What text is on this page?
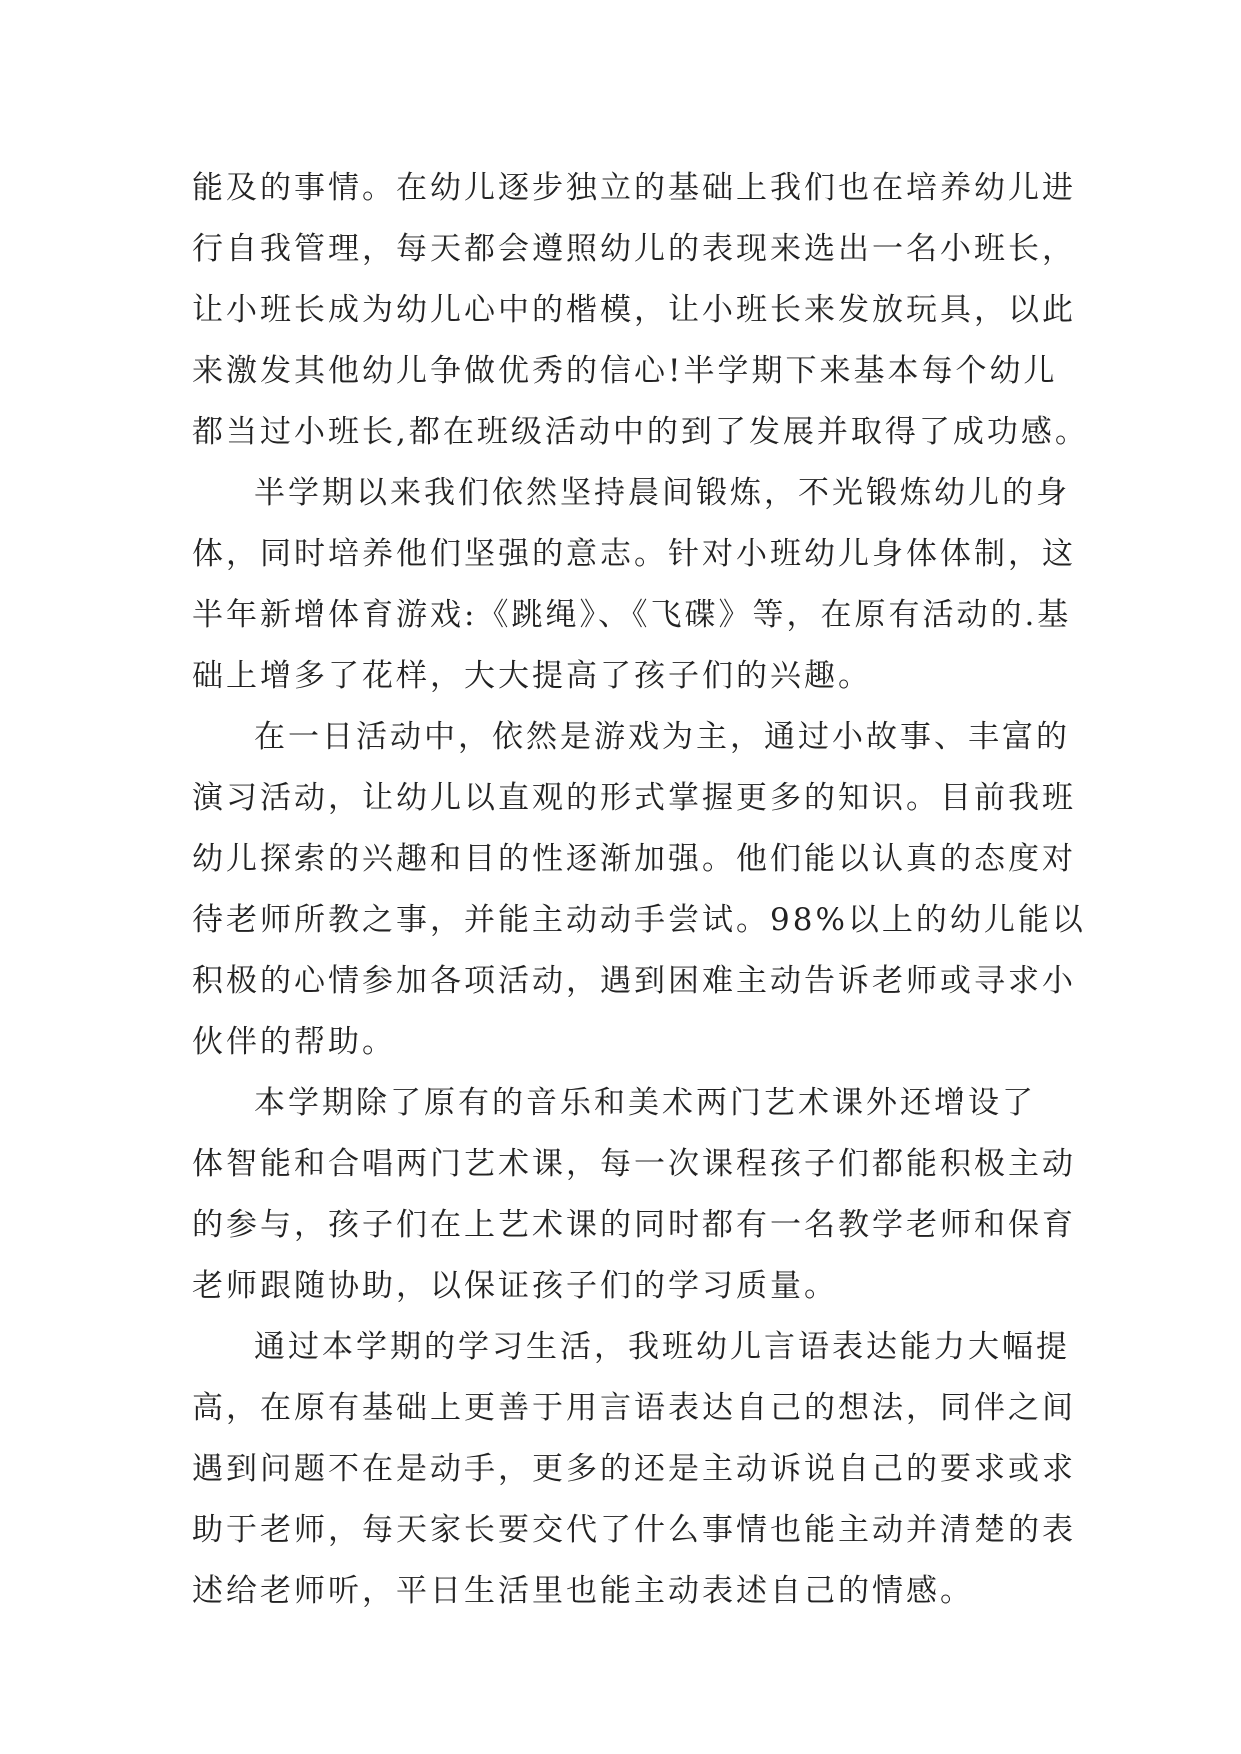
能及的事情。在幼儿逐步独立的基础上我们也在培养幼儿进
行自我管理，每天都会遵照幼儿的表现来选出一名小班长，
让小班长成为幼儿心中的楷模，让小班长来发放玩具，以此
来激发其他幼儿争做优秀的信心!半学期下来基本每个幼儿
都当过小班长,都在班级活动中的到了发展并取得了成功感。
半学期以来我们依然坚持晨间锻炼，不光锻炼幼儿的身
体，同时培养他们坚强的意志。针对小班幼儿身体体制，这
半年新增体育游戏:《跳绳》、《飞碟》等，在原有活动的.基
础上增多了花样，大大提高了孩子们的兴趣。
在一日活动中，依然是游戏为主，通过小故事、丰富的
演习活动，让幼儿以直观的形式掌握更多的知识。目前我班
幼儿探索的兴趣和目的性逐渐加强。他们能以认真的态度对
待老师所教之事，并能主动动手尝试。98%以上的幼儿能以
积极的心情参加各项活动，遇到困难主动告诉老师或寻求小
伙伴的帮助。
本学期除了原有的音乐和美术两门艺术课外还增设了
体智能和合唱两门艺术课，每一次课程孩子们都能积极主动
的参与，孩子们在上艺术课的同时都有一名教学老师和保育
老师跟随协助，以保证孩子们的学习质量。
通过本学期的学习生活，我班幼儿言语表达能力大幅提
高，在原有基础上更善于用言语表达自己的想法，同伴之间
遇到问题不在是动手，更多的还是主动诉说自己的要求或求
助于老师，每天家长要交代了什么事情也能主动并清楚的表
述给老师听，平日生活里也能主动表述自己的情感。
